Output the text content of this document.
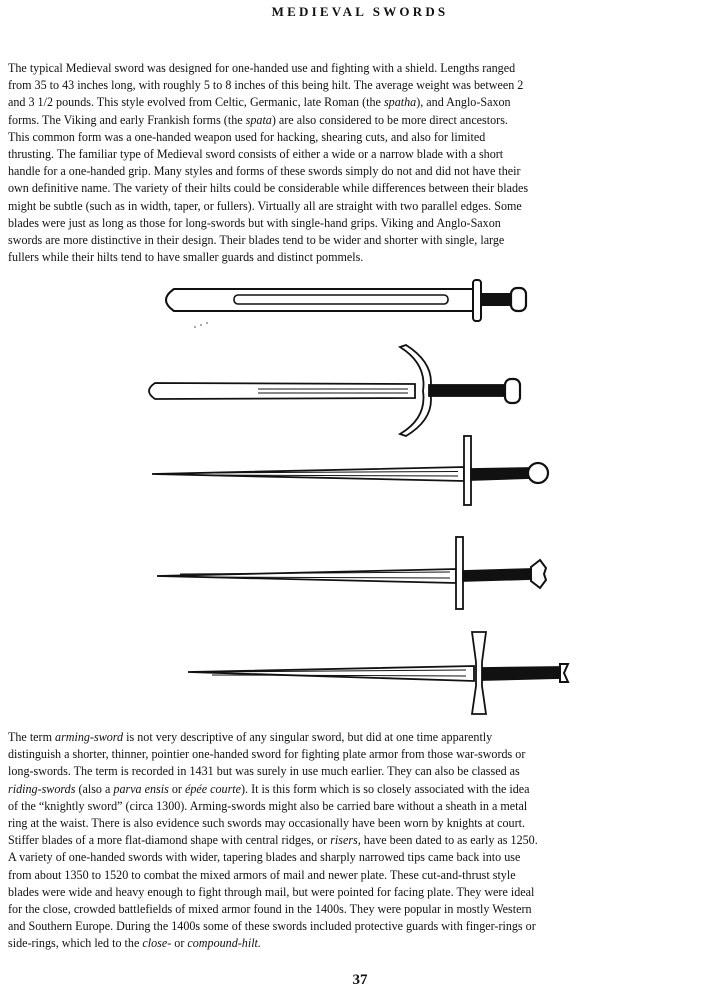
MEDIEVAL SWORDS

The typical Medieval sword was designed for one-handed use and fighting with a shield. Lengths ranged
from 35 to 43 inches long, with roughly 5 to 8 inches of this being hilt. The average weight was between 2
and 3 1/2 pounds. This style evolved from Celtic, Germanic, late Roman (the spatha), and Anglo-Saxon
forms. The Viking and early Frankish forms (the spata) are also considered to be more direct ancestors.
This common form was a one-handed weapon used for hacking, shearing cuts, and also for limited
thrusting. The familiar type of Medieval sword consists of either a wide or a narrow blade with a short
handle for a one-handed grip. Many styles and forms of these swords simply do not and did not have their
own definitive name. The variety of their hilts could be considerable while differences between their blades
might be subtle (such as in width, taper, or fullers). Virtually all are straight with two parallel edges. Some
blades were just as long as those for long-swords but with single-hand grips. Viking and Anglo-Saxon
swords are more distinctive in their design. Their blades tend to be wider and shorter with single, large
fullers while their hilts tend to have smaller guards and distinct pommels.

The term arming-sword is not very descriptive of any singular sword, but did at one time apparently
distinguish a shorter, thinner, pointier one-handed sword for fighting plate armor from those war-swords or
long-swords. The term is recorded in 1431 but was surely in use much earlier. They can also be classed as
riding-swords (also a parva ensis or épée courte). It is this form which is so closely associated with the idea
of the “knightly sword” (circa 1300). Arming-swords might also be carried bare without a sheath in a metal
ring at the waist. There is also evidence such swords may occasionally have been worn by knights at court.
Stiffer blades of a more flat-diamond shape with central ridges, or risers, have been dated to as early as 1250.
A variety of one-handed swords with wider, tapering blades and sharply narrowed tips came back into use
from about 1350 to 1520 to combat the mixed armors of mail and newer plate. These cut-and-thrust style
blades were wide and heavy enough to fight through mail, but were pointed for facing plate. They were ideal
for the close, crowded battlefields of mixed armor found in the 1400s. They were popular in mostly Western
and Southern Europe. During the 1400s some of these swords included protective guards with finger-rings or
side-rings, which led to the close- or compound-hilt.

37
